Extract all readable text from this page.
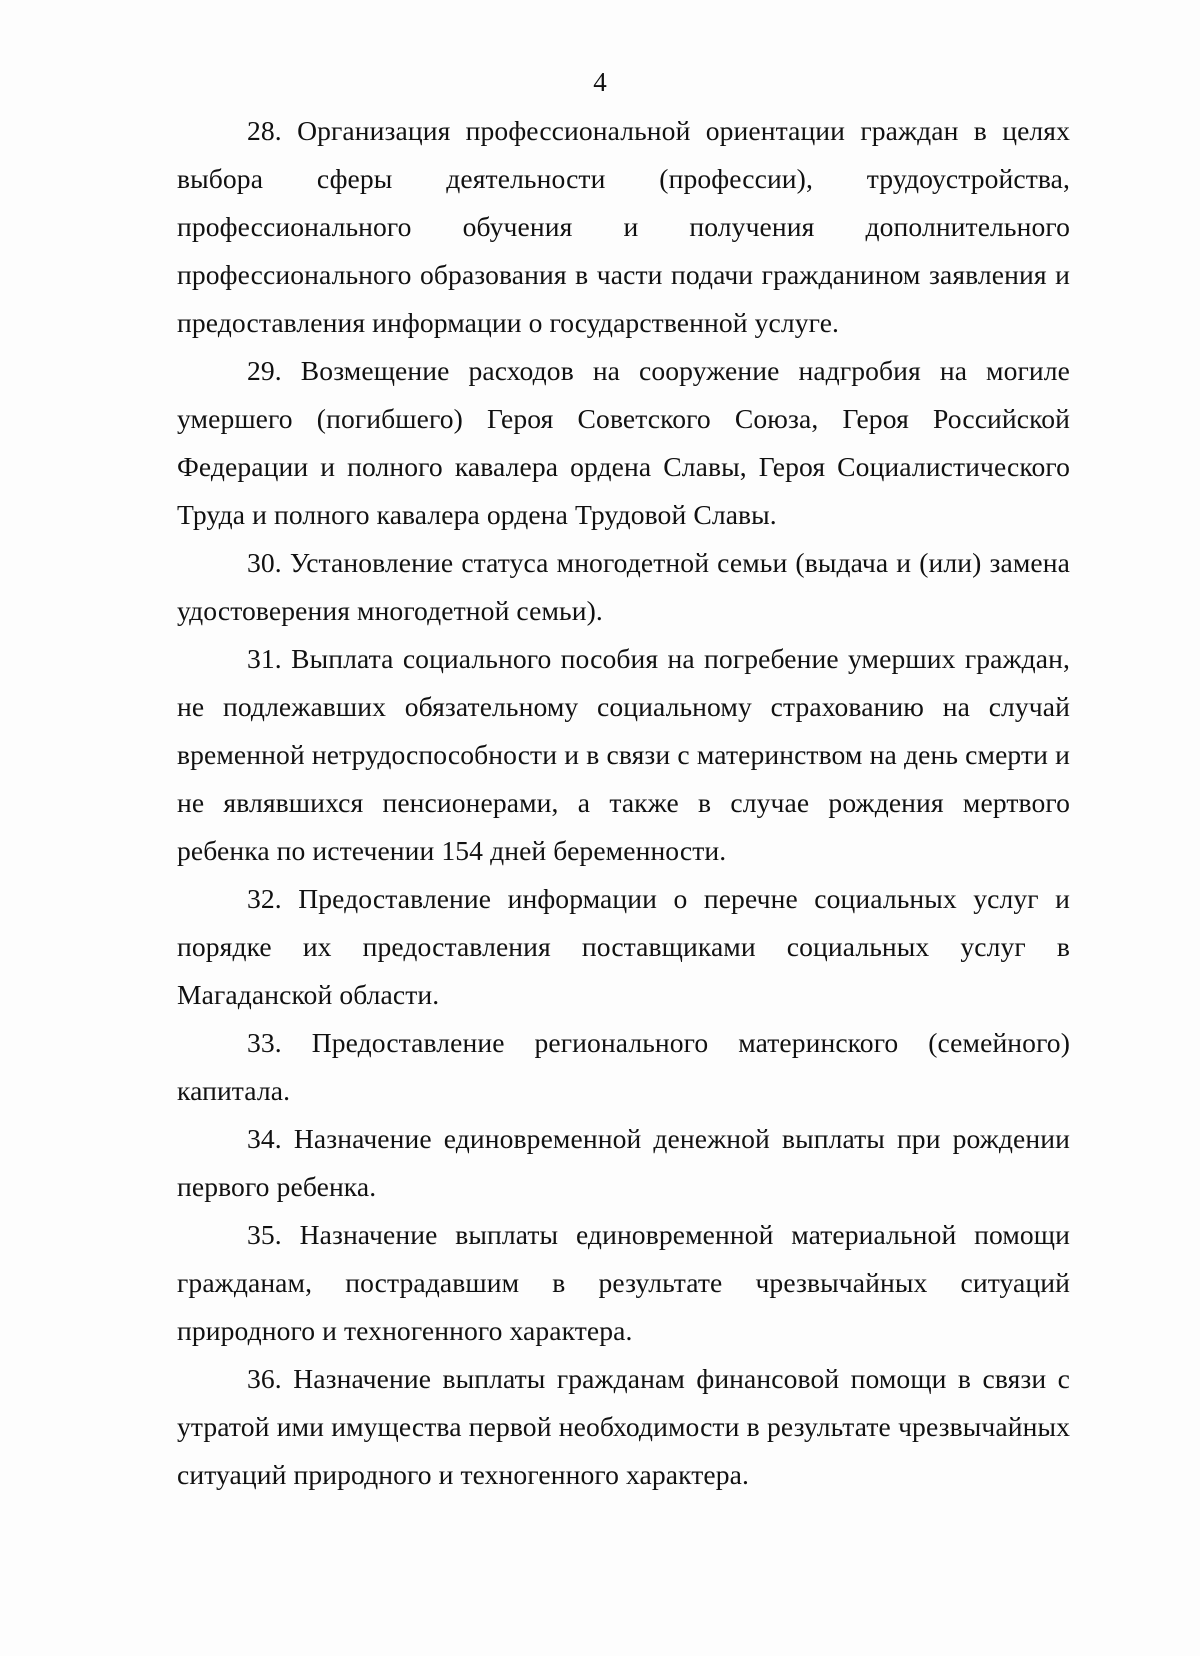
4

28. Организация профессиональной ориентации граждан в целях выбора сферы деятельности (профессии), трудоустройства, профессионального обучения и получения дополнительного профессионального образования в части подачи гражданином заявления и предоставления информации о государственной услуге.

29. Возмещение расходов на сооружение надгробия на могиле умершего (погибшего) Героя Советского Союза, Героя Российской Федерации и полного кавалера ордена Славы, Героя Социалистического Труда и полного кавалера ордена Трудовой Славы.

30. Установление статуса многодетной семьи (выдача и (или) замена удостоверения многодетной семьи).

31. Выплата социального пособия на погребение умерших граждан, не подлежавших обязательному социальному страхованию на случай временной нетрудоспособности и в связи с материнством на день смерти и не являвшихся пенсионерами, а также в случае рождения мертвого ребенка по истечении 154 дней беременности.

32. Предоставление информации о перечне социальных услуг и порядке их предоставления поставщиками социальных услуг в Магаданской области.

33. Предоставление регионального материнского (семейного) капитала.

34. Назначение единовременной денежной выплаты при рождении первого ребенка.

35. Назначение выплаты единовременной материальной помощи гражданам, пострадавшим в результате чрезвычайных ситуаций природного и техногенного характера.

36. Назначение выплаты гражданам финансовой помощи в связи с утратой ими имущества первой необходимости в результате чрезвычайных ситуаций природного и техногенного характера.
